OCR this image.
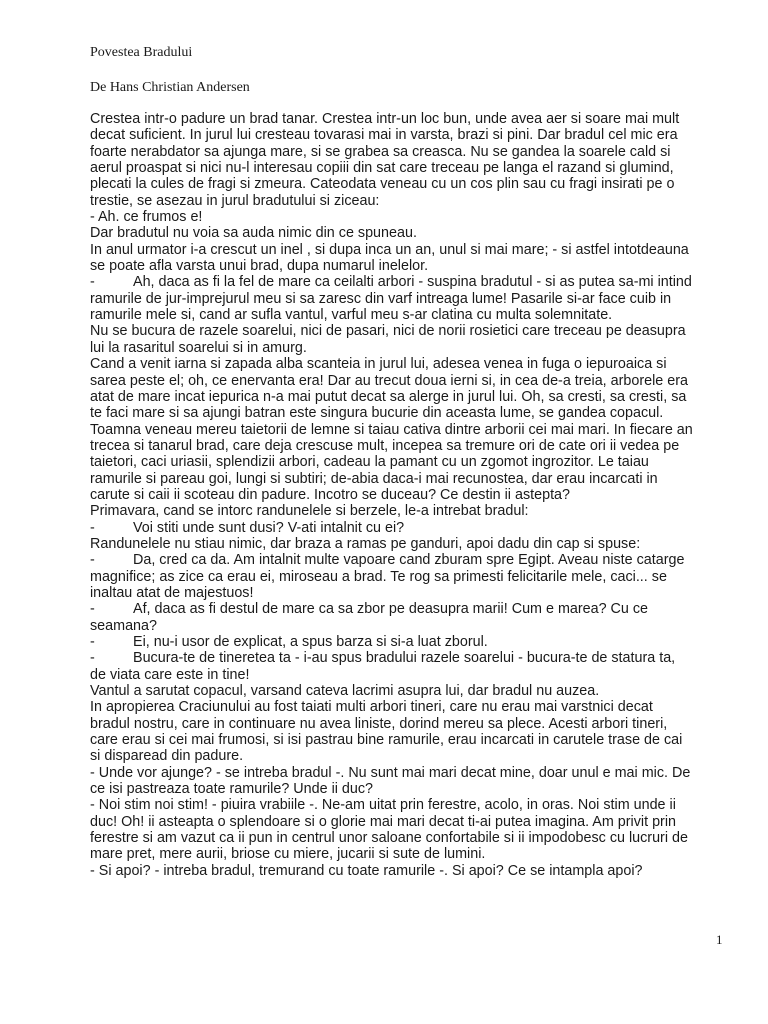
Povestea Bradului
De Hans Christian Andersen
Crestea intr-o padure un brad tanar. Crestea intr-un loc bun, unde avea aer si soare mai mult
decat suficient. In jurul lui cresteau tovarasi mai in varsta, brazi si pini. Dar bradul cel mic era
foarte nerabdator sa ajunga mare, si se grabea sa creasca. Nu se gandea la soarele cald si
aerul proaspat si nici nu-l interesau copiii din sat care treceau pe langa el razand si glumind,
plecati la cules de fragi si zmeura. Cateodata veneau cu un cos plin sau cu fragi insirati pe o
trestie, se asezau in jurul bradutului si ziceau:
- Ah. ce frumos e!
Dar bradutul nu voia sa auda nimic din ce spuneau.
In anul urmator i-a crescut un inel , si dupa inca un an, unul si mai mare; - si astfel intotdeauna
se poate afla varsta unui brad, dupa numarul inelelor.
-	Ah, daca as fi la fel de mare ca ceilalti arbori - suspina bradutul - si as putea sa-mi intind
ramurile de jur-imprejurul meu si sa zaresc din varf intreaga lume! Pasarile si-ar face cuib in
ramurile mele si, cand ar sufla vantul, varful meu s-ar clatina cu multa solemnitate.
Nu se bucura de razele soarelui, nici de pasari, nici de norii rosietici care treceau pe deasupra
lui la rasaritul soarelui si in amurg.
Cand a venit iarna si zapada alba scanteia in jurul lui, adesea venea in fuga o iepuroaica si
sarea peste el; oh, ce enervanta era! Dar au trecut doua ierni si, in cea de-a treia, arborele era
atat de mare incat iepurica n-a mai putut decat sa alerge in jurul lui. Oh, sa cresti, sa cresti, sa
te faci mare si sa ajungi batran este singura bucurie din aceasta lume, se gandea copacul.
Toamna veneau mereu taietorii de lemne si taiau cativa dintre arborii cei mai mari. In fiecare an
trecea si tanarul brad, care deja crescuse mult, incepea sa tremure ori de cate ori ii vedea pe
taietori, caci uriasii, splendizii arbori, cadeau la pamant cu un zgomot ingrozitor. Le taiau
ramurile si pareau goi, lungi si subtiri; de-abia daca-i mai recunostea, dar erau incarcati in
carute si caii ii scoteau din padure. Incotro se duceau? Ce destin ii astepta?
Primavara, cand se intorc randunelele si berzele, le-a intrebat bradul:
-	Voi stiti unde sunt dusi? V-ati intalnit cu ei?
Randunelele nu stiau nimic, dar braza a ramas pe ganduri, apoi dadu din cap si spuse:
-	Da, cred ca da. Am intalnit multe vapoare cand zburam spre Egipt. Aveau niste catarge
magnifice; as zice ca erau ei, miroseau a brad. Te rog sa primesti felicitarile mele, caci... se
inaltau atat de majestuos!
-	Af, daca as fi destul de mare ca sa zbor pe deasupra marii! Cum e marea? Cu ce
seamana?
-	Ei, nu-i usor de explicat, a spus barza si si-a luat zborul.
-	Bucura-te de tineretea ta - i-au spus bradului razele soarelui - bucura-te de statura ta,
de viata care este in tine!
Vantul a sarutat copacul, varsand cateva lacrimi asupra lui, dar bradul nu auzea.
In apropierea Craciunului au fost taiati multi arbori tineri, care nu erau mai varstnici decat
bradul nostru, care in continuare nu avea liniste, dorind mereu sa plece. Acesti arbori tineri,
care erau si cei mai frumosi, si isi pastrau bine ramurile, erau incarcati in carutele trase de cai
si disparead din padure.
- Unde vor ajunge? - se intreba bradul -. Nu sunt mai mari decat mine, doar unul e mai mic. De
ce isi pastreaza toate ramurile? Unde ii duc?
- Noi stim noi stim! - piuira vrabiile -. Ne-am uitat prin ferestre, acolo, in oras. Noi stim unde ii
duc! Oh! ii asteapta o splendoare si o glorie mai mari decat ti-ai putea imagina. Am privit prin
ferestre si am vazut ca ii pun in centrul unor saloane confortabile si ii impodobesc cu lucruri de
mare pret, mere aurii, briose cu miere, jucarii si sute de lumini.
- Si apoi? - intreba bradul, tremurand cu toate ramurile -. Si apoi? Ce se intampla apoi?
1
